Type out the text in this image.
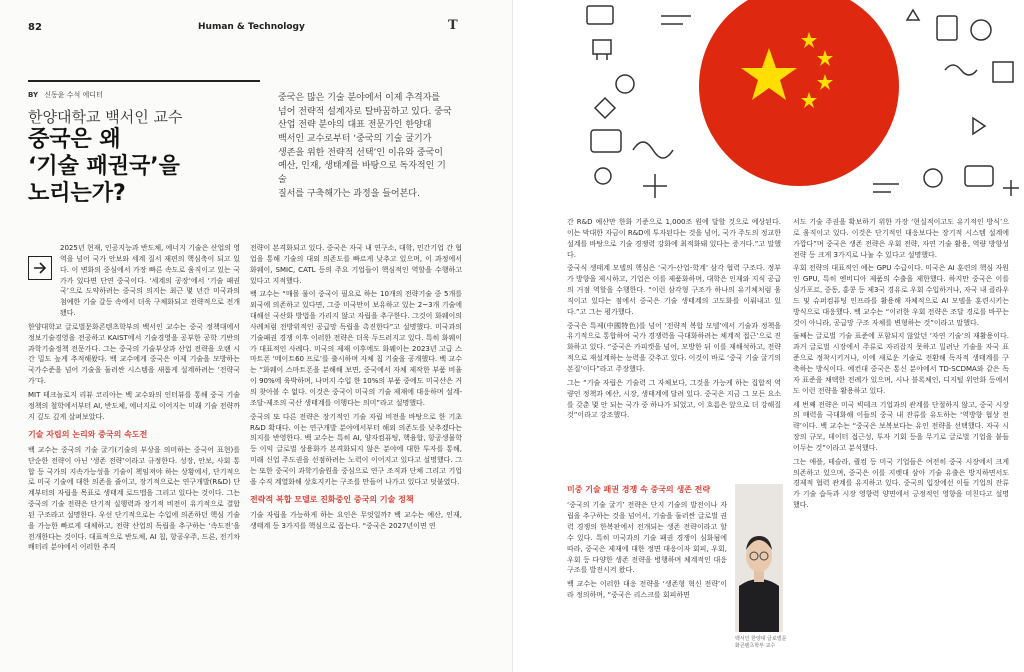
82	Human & Technology	T
BY 신동윤 수석 에디터
한양대학교 백서인 교수
중국은 왜
‘기술 패권국’을
노리는가?
중국은 많은 기술 분야에서 이제 추격자를
넘어 전략적 설계자로 탈바꿈하고 있다. 중국
산업 전략 분야의 대표 전문가인 한양대
백서인 교수로부터 ‘중국의 기술 굴기가
생존을 위한 전략적 선택’인 이유와 중국이
예산, 인재, 생태계를 바탕으로 독자적인 기술
질서를 구축해가는 과정을 들어본다.

2025년 현재, 인공지능과 반도체, 에너지 기술은 산업의 영역을 넘어 국가 안보와 세계 질서 재편의 핵심축이 되고 있다. 이 변화의 중심에서 가장 빠른 속도로 움직이고 있는 국가가 있다면 단연 중국이다. ‘세계의 공장’에서 ‘기술 패권국’으로 도약하려는 중국의 의지는 최근 몇 년간 미국과의 첨예한 기술 갈등 속에서 더욱 구체화되고 전략적으로 전개됐다.

한양대학교 글로벌문화콘텐츠학부의 백서인 교수는 중국 정책대에서 정보기술경영을 전공하고 KAIST에서 기술경영을 공부한 공학 기반의 과학기술정책 전문가다. 그는 중국의 기술부상과 산업 전략을 오랜 시간 밀도 높게 추적해왔다. 백 교수에게 중국은 이제 기술을 모방하는 국가수준을 넘어 기술을 둘러싼 시스템을 새롭게 설계하려는 ‘전략국가’다.

MIT 테크놀로지 리뷰 코리아는 백 교수와의 인터뷰를 통해 중국 기술 정책의 철학에서부터 AI, 반도체, 에너지로 이어지는 미래 기술 전략까지 깊도 깊게 살펴보았다.

기술 자립의 논리와 중국의 속도전

백 교수는 중국의 기술 굴기(기술의 부상을 의미하는 중국어 표현)를 단순한 전략이 아닌 ‘생존 전략’이라고 규정한다. 성장, 안보, 사회 통합 등 국가의 지속가능성을 기술이 책임져야 하는 상황에서, 단기적으로 미국 기술에 대한 의존을 줄이고, 장기적으로는 연구개발(R&D) 단계부터의 자립을 목표로 생태계 로드맵을 그리고 있다는 것이다. 그는 중국의 기술 전략은 단기적 실행력과 장기적 비전이 유기적으로 결합된 구조라고 설명한다. 우선 단기적으로는 수입에 의존하던 핵심 기술을 가능한 빠르게 대체하고, 전략 산업의 독립을 추구하는 ‘속도전’을 전개한다는 것이다. 대표적으로 반도체, AI 칩, 항공우주, 드론, 전기차 배터리 분야에서 이러한 추격

전략이 본격화되고 있다. 중국은 자국 내 연구소, 대학, 민간기업 간 협업을 통해 기술의 대외 의존도를 빠르게 낮추고 있으며, 이 과정에서 화웨이, SMIC, CATL 등의 주요 기업들이 핵심적인 역할을 수행하고 있다고 지적했다.

백 교수는 “매몰 물이 중국이 필요로 하는 10개의 전략기술 중 5개를 외국에 의존하고 있다면, 그중 미국만이 보유하고 있는 2~3개 기술에 대해선 국산화 방법을 가리지 않고 자립을 추구한다. 그것이 화웨이의 사례처럼 전방위적인 공급망 독립을 촉진한다”고 설명했다. 미국과의 기술패권 경쟁 이후 이러한 전략은 더욱 두드러지고 있다. 특히 화웨이가 대표적인 사례다. 미국의 제재 이후에도 화웨이는 2023년 고급 스마트폰 ‘메이트60 프로’를 출시하며 자체 칩 기술을 공개했다. 백 교수는 “화웨이 스마트폰을 분해해 보면, 중국에서 자체 제작한 부품 비율이 90%에 육박하며, 나머지 수입 한 10%의 부품 중에도 미국산은 거의 찾아볼 수 없다. 이것은 중국이 미국의 기술 제재에 대응하며 설계-조달-제조의 국산 생태계를 이행다는 의미”라고 설명했다.

중국의 또 다른 전략은 장기적인 기술 자립 비전을 바탕으로 한 기초 R&D 확대다. 이는 연구개발 분야에서부터 해외 의존도를 낮추겠다는 의지를 반영한다. 백 교수는 특히 AI, 양자컴퓨팅, 핵융합, 항공생물학 등 이익 글로벌 상용화가 본격화되지 않은 분야에 대한 투자를 통해, 미래 신업 주도권을 선점하려는 노력이 이어지고 있다고 설명했다. 그는 또한 중국이 과학기술원을 중심으로 연구 조직과 단체 그리고 기업을 수직 계열화해 상호지키는 구조를 만들어 나가고 있다고 덧붙였다.

전략적 복합 모델로 진화중인 중국의 기술 정책

기술 자립을 가능하게 하는 요인은 무엇일까? 백 교수는 예산, 인재, 생태계 등 3가지를 핵심으로 꼽는다. “중국은 2027년이면 연

간 R&D 예산만 한화 기준으로 1,000조 원에 달할 것으로 예상된다. 이는 막대한 자금이 R&D에 투자된다는 것을 넘어, 국가 주도의 정교한 설계를 바탕으로 기술 경쟁력 강화에 최적화돼 있다는 증거다.”고 말했다.

중국식 생태계 모델의 핵심은 ‘국가-산업-학계’ 삼각 협력 구조다. 정부가 방향을 제시하고, 기업은 이를 제품화하며, 대학은 인재와 지식 공급의 거점 역할을 수행한다. “이런 삼각형 구조가 하나의 유기체처럼 움직이고 있다는 점에서 중국은 기술 생태계의 고도화를 이뤄내고 있다.”고 그는 평가했다.

중국은 특제(中國特色)를 넘어 ‘전략적 복합 모델’에서 기술과 정책을 유기적으로 통합하여 국가 경쟁력을 극대화하려는 체계적 접근’으로 진화하고 있다. “중국은 카피캣을 넘어, 모방한 뒤 이를 재해석하고, 전략적으로 재설계하는 능력을 갖추고 있다. 이것이 바로 ‘중국 기술 굴기의 본질’이다”라고 주장했다.

그는 “기술 자립은 기술력 그 자체보다, 그것을 가능케 하는 집합적 역량인 정책과 예산, 시장, 생태계에 달려 있다. 중국은 지금 그 모든 요소를 갖춘 몇 안 되는 국가 중 하나가 되었고, 이 흐름은 앞으로 더 강해질 것”이라고 강조했다.

미중 기술 패권 경쟁 속 중국의 생존 전략

‘중국의 기술 굴기’ 전략은 단지 기술의 발전이나 자립을 추구하는 것을 넘어서, 기술을 둘러싼 글로벌 권력 경쟁의 한복판에서 전개되는 생존 전략이라고 할 수 있다. 특히 미국과의 기술 패권 경쟁이 심화됨에 따라, 중국은 제재에 대한 정면 대응이자 회피, 우회, 우회 등 다양한 생존 전략을 병행하며 체계적인 대응 구조를 발전시켜 왔다.

백 교수는 이러한 대응 전략을 ‘생존형 혁신 전략’이라 정의하며, “중국은 리스크를 회피하면

백서인 한양대 글로벌문화콘텐츠학부 교수

서도 기술 주권을 확보하기 위한 가장 ‘현실적이고도 유기적인 방식’으로 움직이고 있다. 이것은 단기적인 대응보다는 장기적 시스템 설계에 가깝다”며 중국은 생존 전략은 우회 전략, 자연 기술 활용, 역량 방향성 전략 등 크게 3가지로 나눌 수 있다고 설명했다.

우회 전략의 대표적인 예는 GPU 수급이다. 미국은 AI 훈련의 핵심 자원인 GPU, 특히 엔비디아 제품의 수출을 제한했다. 하지만 중국은 이를 싱가포르, 중동, 홍콩 등 제3국 경유로 우회 수입하거나, 자국 내 클라우드 및 슈퍼컴퓨팅 인프라를 활용해 자체적으로 AI 모델을 훈련시키는 방식으로 대응했다. 백 교수는 “이러한 우회 전략은 조달 경로를 바꾸는 것이 아니라, 공급망 구조 자체를 변형하는 것”이라고 말했다.

둘째는 글로벌 기술 표준에 포함되지 않았던 ‘자연 기술’의 재활용이다. 과거 글로벌 시장에서 주류로 자리잡지 못하고 밀려난 기술을 자국 표준으로 정착시키거나, 이에 새로운 기술로 전환해 독자적 생태계를 구축하는 방식이다. 예컨대 중국은 통신 분야에서 TD-SCDMA와 같은 독자 표준을 채택한 전례가 있으며, 시나 블록체인, 디지털 위안화 등에서도 이런 전략을 활용하고 있다.

세 번째 전략은 미국 빅테크 기업과의 관계를 단절하지 않고, 중국 시장의 매력을 극대화해 이들의 중국 내 잔류를 유도하는 ‘역방향 협상 전략’이다. 백 교수는 “중국은 보복보다는 유인 전략을 선택했다. 자국 시장의 규모, 데이터 접근성, 투자 기회 등을 무기로 글로벌 기업을 붙들어두는 것”이라고 분석했다.

그는 애플, 테슬라, 퀄컴 등 미국 기업들은 여전히 중국 시장에서 크게 의존하고 있으며, 중국은 이를 지렛대 삼아 기술 유출은 방지하면서도 경제적 협력 관계를 유지하고 있다. 중국의 입장에선 이들 기업의 잔류가 기술 습득과 시장 영향력 양면에서 긍정적인 영향을 미친다고 설명했다.
